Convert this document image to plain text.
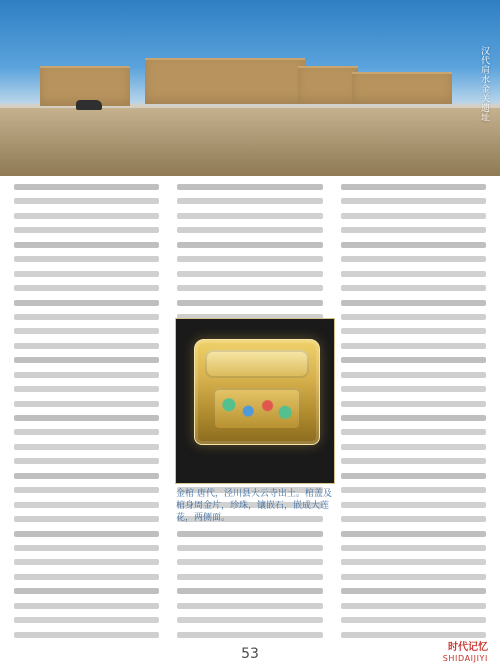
汉代肩水金关遗址
金棺 唐代，泾川县大云寺出土。棺盖及棺身周金片，珍珠，镶嵌石，嵌成大莲花，两侧面。
53	时代记忆
SHIDAIJIYI
